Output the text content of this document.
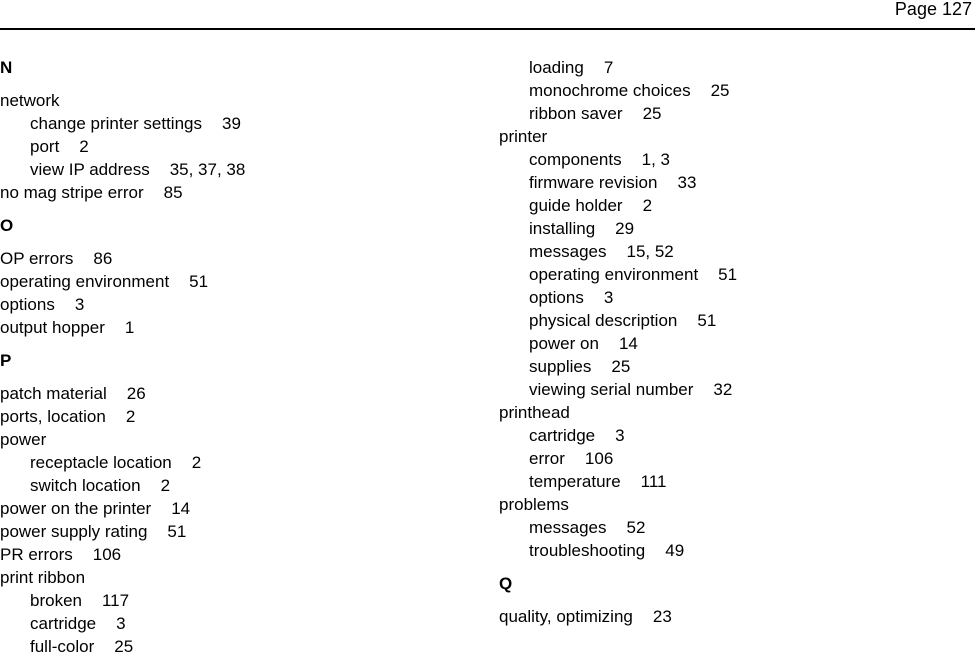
Page 127
N
network
change printer settings 39
port 2
view IP address 35, 37, 38
no mag stripe error 85
O
OP errors 86
operating environment 51
options 3
output hopper 1
P
patch material 26
ports, location 2
power
receptacle location 2
switch location 2
power on the printer 14
power supply rating 51
PR errors 106
print ribbon
broken 117
cartridge 3
full-color 25
loading 7
monochrome choices 25
ribbon saver 25
printer
components 1, 3
firmware revision 33
guide holder 2
installing 29
messages 15, 52
operating environment 51
options 3
physical description 51
power on 14
supplies 25
viewing serial number 32
printhead
cartridge 3
error 106
temperature 111
problems
messages 52
troubleshooting 49
Q
quality, optimizing 23
